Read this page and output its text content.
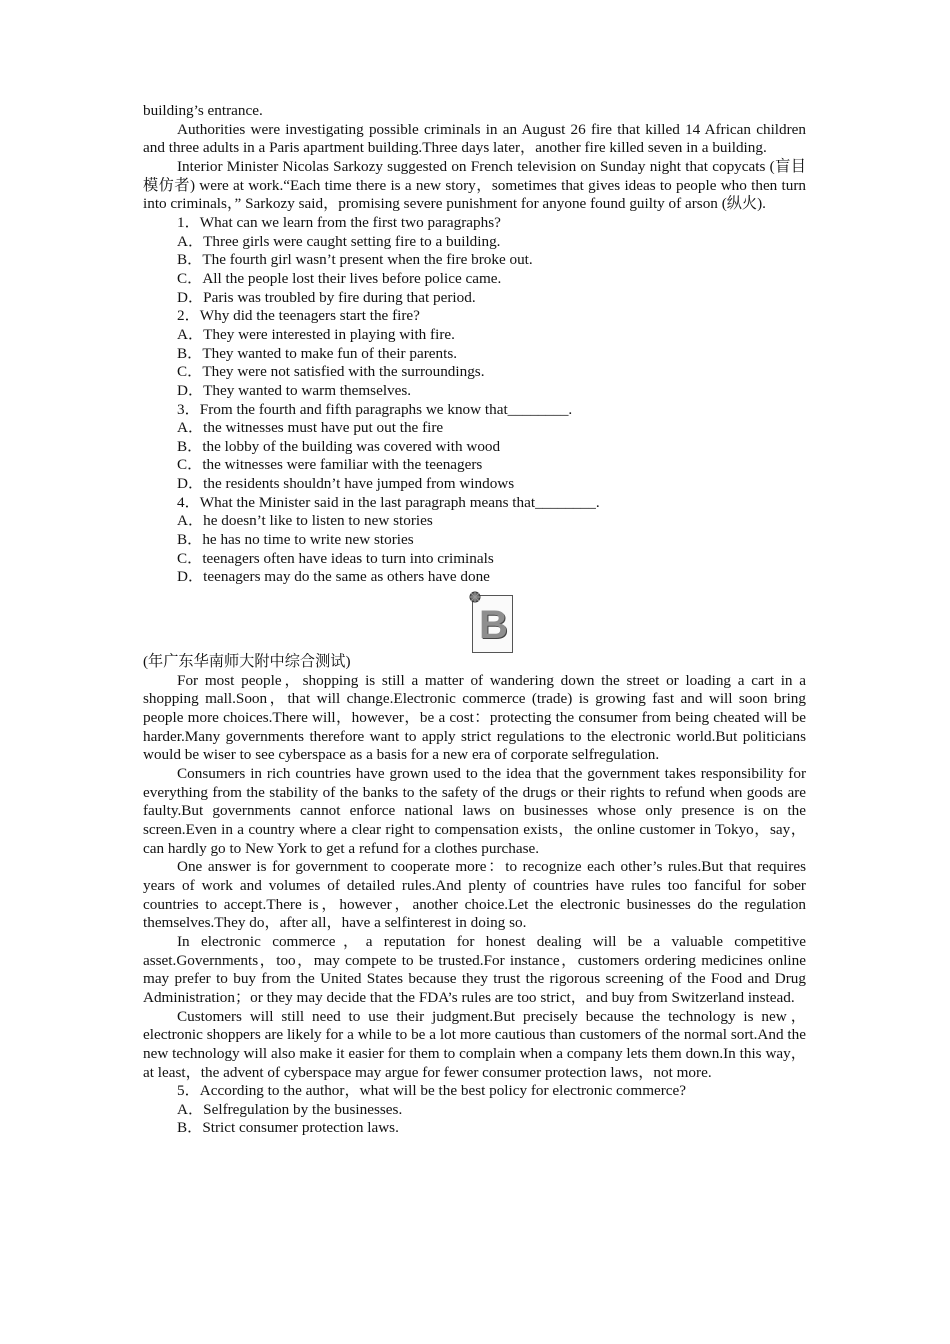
building’s entrance.

Authorities were investigating possible criminals in an August 26 fire that killed 14 African children and three adults in a Paris apartment building.Three days later，another fire killed seven in a building.

Interior Minister Nicolas Sarkozy suggested on French television on Sunday night that copycats (盲目模仿者) were at work.“Each time there is a new story，sometimes that gives ideas to people who then turn into criminals，” Sarkozy said，promising severe punishment for anyone found guilty of arson (纵火).

1．What can we learn from the first two paragraphs?

A．Three girls were caught setting fire to a building.

B．The fourth girl wasn’t present when the fire broke out.

C．All the people lost their lives before police came.

D．Paris was troubled by fire during that period.

2．Why did the teenagers start the fire?

A．They were interested in playing with fire.

B．They wanted to make fun of their parents.

C．They were not satisfied with the surroundings.

D．They wanted to warm themselves.

3．From the fourth and fifth paragraphs we know that________.

A．the witnesses must have put out the fire

B．the lobby of the building was covered with wood

C．the witnesses were familiar with the teenagers

D．the residents shouldn’t have jumped from windows

4．What the Minister said in the last paragraph means that________.

A．he doesn’t like to listen to new stories

B．he has no time to write new stories

C．teenagers often have ideas to turn into criminals

D．teenagers may do the same as others have done

B

(年广东华南师大附中综合测试)

For most people，shopping is still a matter of wandering down the street or loading a cart in a shopping mall.Soon，that will change.Electronic commerce (trade) is growing fast and will soon bring people more choices.There will，however，be a cost：protecting the consumer from being cheated will be harder.Many governments therefore want to apply strict regulations to the electronic world.But politicians would be wiser to see cyberspace as a basis for a new era of corporate selfregulation.

Consumers in rich countries have grown used to the idea that the government takes responsibility for everything from the stability of the banks to the safety of the drugs or their rights to refund when goods are faulty.But governments cannot enforce national laws on businesses whose only presence is on the screen.Even in a country where a clear right to compensation exists，the online customer in Tokyo，say，can hardly go to New York to get a refund for a clothes purchase.

One answer is for government to cooperate more：to recognize each other’s rules.But that requires years of work and volumes of detailed rules.And plenty of countries have rules too fanciful for sober countries to accept.There is，however，another choice.Let the electronic businesses do the regulation themselves.They do，after all，have a selfinterest in doing so.

In electronic commerce，a reputation for honest dealing will be a valuable competitive asset.Governments，too，may compete to be trusted.For instance，customers ordering medicines online may prefer to buy from the United States because they trust the rigorous screening of the Food and Drug Administration；or they may decide that the FDA’s rules are too strict，and buy from Switzerland instead.

Customers will still need to use their judgment.But precisely because the technology is new，electronic shoppers are likely for a while to be a lot more cautious than customers of the normal sort.And the new technology will also make it easier for them to complain when a company lets them down.In this way，at least，the advent of cyberspace may argue for fewer consumer protection laws，not more.

5．According to the author，what will be the best policy for electronic commerce?

A．Selfregulation by the businesses.

B．Strict consumer protection laws.
